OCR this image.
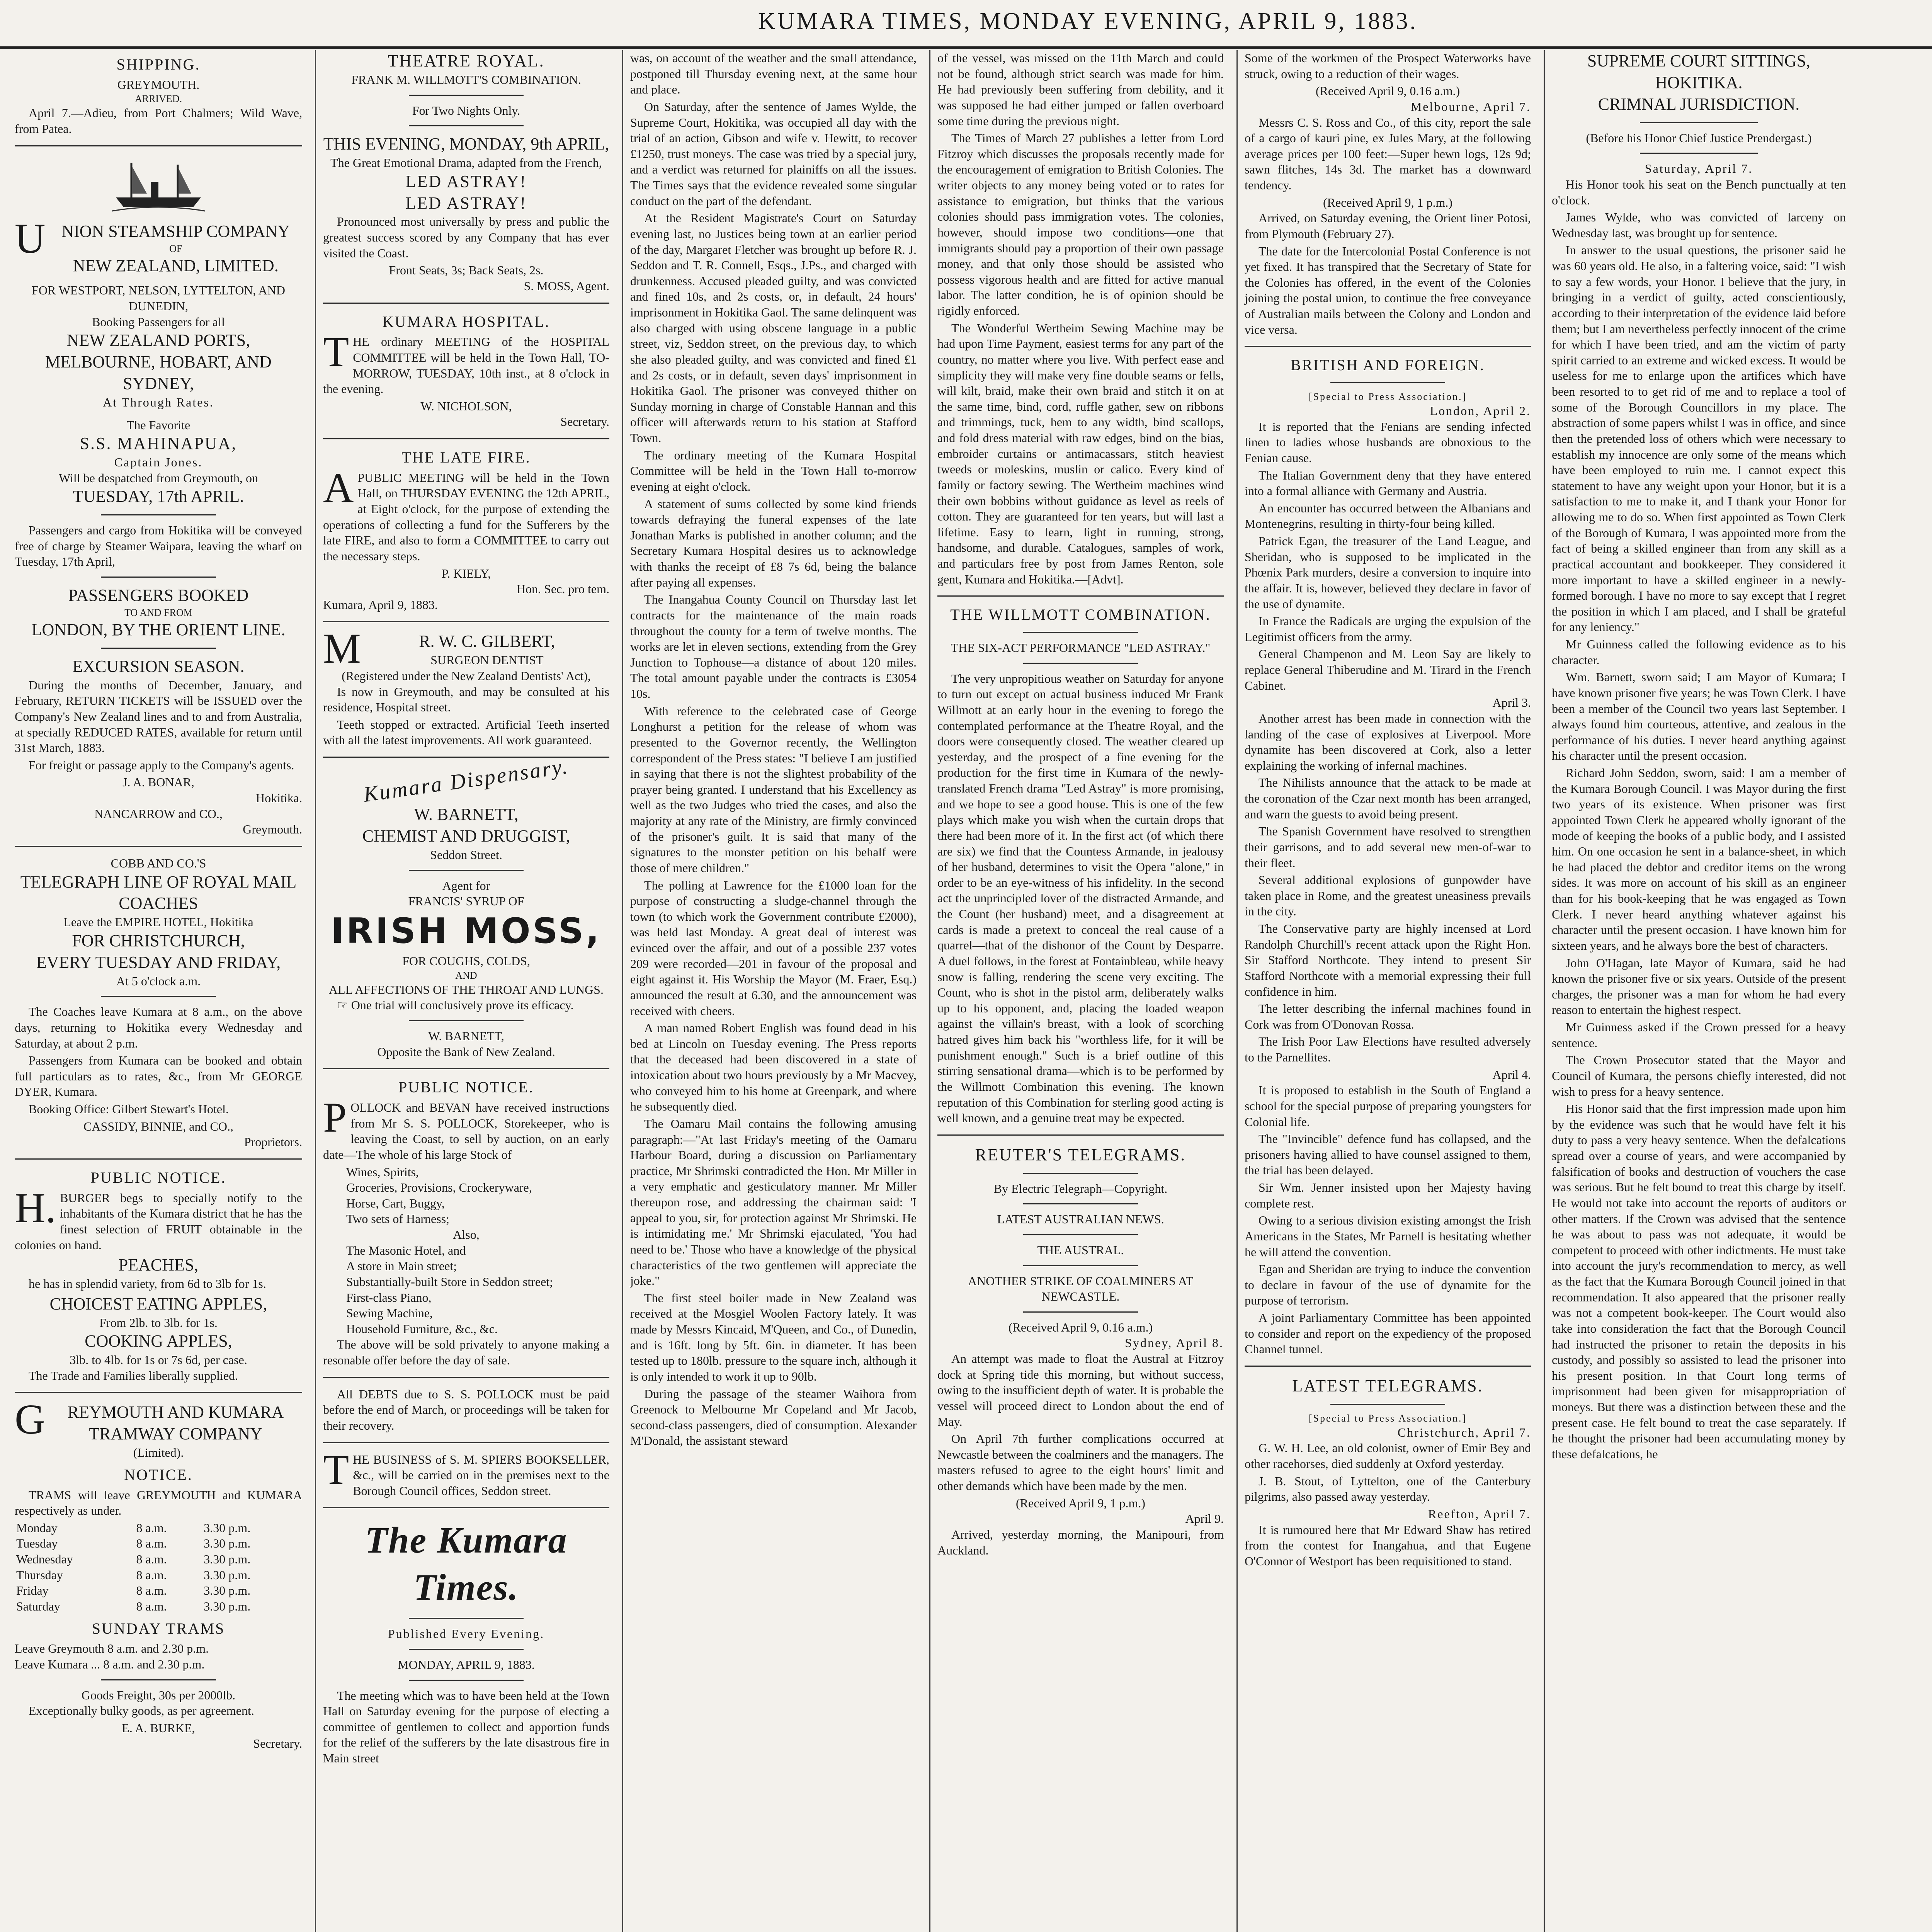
KUMARA TIMES, MONDAY EVENING, APRIL 9, 1883.
SHIPPING.
GREYMOUTH.
ARRIVED.

April 7.—Adieu, from Port Chalmers; Wild Wave, from Patea.

UNION STEAMSHIP COMPANY
OF
NEW ZEALAND, LIMITED.
FOR WESTPORT, NELSON, LYTTELTON, AND DUNEDIN,
Booking Passengers for all
NEW ZEALAND PORTS, MELBOURNE, HOBART, AND SYDNEY,
At Through Rates.
The Favorite
S.S. MAHINAPUA,
Captain Jones.
Will be despatched from Greymouth, on
TUESDAY, 17th APRIL.

Passengers and cargo from Hokitika will be conveyed free of charge by Steamer Waipara, leaving the wharf on Tuesday, 17th April,

PASSENGERS BOOKED
TO AND FROM
LONDON, BY THE ORIENT LINE.
EXCURSION SEASON.

During the months of December, January, and February, RETURN TICKETS will be ISSUED over the Company's New Zealand lines and to and from Australia, at specially REDUCED RATES, available for return until 31st March, 1883.

For freight or passage apply to the Company's agents.

J. A. BONAR,
Hokitika.
NANCARROW and CO.,
Greymouth.
COBB AND CO.'S
TELEGRAPH LINE OF ROYAL MAIL COACHES
Leave the EMPIRE HOTEL, Hokitika
FOR CHRISTCHURCH,
EVERY TUESDAY AND FRIDAY,
At 5 o'clock a.m.

The Coaches leave Kumara at 8 a.m., on the above days, returning to Hokitika every Wednesday and Saturday, at about 2 p.m.

Passengers from Kumara can be booked and obtain full particulars as to rates, &c., from Mr GEORGE DYER, Kumara.

Booking Office: Gilbert Stewart's Hotel.

CASSIDY, BINNIE, and CO.,
Proprietors.
PUBLIC NOTICE.

H.BURGER begs to specially notify to the inhabitants of the Kumara district that he has the finest selection of FRUIT obtainable in the colonies on hand.

PEACHES,

he has in splendid variety, from 6d to 3lb for 1s.

CHOICEST EATING APPLES,
From 2lb. to 3lb. for 1s.
COOKING APPLES,
3lb. to 4lb. for 1s or 7s 6d, per case.

The Trade and Families liberally supplied.

GREYMOUTH AND KUMARA TRAMWAY COMPANY
(Limited).
NOTICE.

TRAMS will leave GREYMOUTH and KUMARA respectively as under.

Monday	8 a.m.	3.30 p.m.
Tuesday	8 a.m.	3.30 p.m.
Wednesday	8 a.m.	3.30 p.m.
Thursday	8 a.m.	3.30 p.m.
Friday	8 a.m.	3.30 p.m.
Saturday	8 a.m.	3.30 p.m.
SUNDAY TRAMS
Leave Greymouth 8 a.m. and 2.30 p.m.
Leave Kumara ... 8 a.m. and 2.30 p.m.
Goods Freight, 30s per 2000lb.

Exceptionally bulky goods, as per agreement.

E. A. BURKE,
Secretary.
THEATRE ROYAL.
FRANK M. WILLMOTT'S COMBINATION.
For Two Nights Only.
THIS EVENING, MONDAY, 9th APRIL,
The Great Emotional Drama, adapted from the French,
LED ASTRAY!
LED ASTRAY!

Pronounced most universally by press and public the greatest success scored by any Company that has ever visited the Coast.

Front Seats, 3s; Back Seats, 2s.
S. MOSS, Agent.
KUMARA HOSPITAL.

THE ordinary MEETING of the HOSPITAL COMMITTEE will be held in the Town Hall, TO-MORROW, TUESDAY, 10th inst., at 8 o'clock in the evening.

W. NICHOLSON,
Secretary.
THE LATE FIRE.

APUBLIC MEETING will be held in the Town Hall, on THURSDAY EVENING the 12th APRIL, at Eight o'clock, for the purpose of extending the operations of collecting a fund for the Sufferers by the late FIRE, and also to form a COMMITTEE to carry out the necessary steps.

P. KIELY,
Hon. Sec. pro tem.
Kumara, April 9, 1883.
MR. W. C. GILBERT,
SURGEON DENTIST
(Registered under the New Zealand Dentists' Act),

Is now in Greymouth, and may be consulted at his residence, Hospital street.

Teeth stopped or extracted. Artificial Teeth inserted with all the latest improvements. All work guaranteed.

Kumara Dispensary.
W. BARNETT,
CHEMIST AND DRUGGIST,
Seddon Street.
Agent for
FRANCIS' SYRUP OF
IRISH MOSS,
FOR COUGHS, COLDS,
AND
ALL AFFECTIONS OF THE THROAT AND LUNGS.

☞ One trial will conclusively prove its efficacy.

W. BARNETT,
Opposite the Bank of New Zealand.
PUBLIC NOTICE.

POLLOCK and BEVAN have received instructions from Mr S. S. POLLOCK, Storekeeper, who is leaving the Coast, to sell by auction, on an early date—The whole of his large Stock of

Wines, Spirits,
Groceries, Provisions, Crockeryware,
Horse, Cart, Buggy,
Two sets of Harness;
Also,
The Masonic Hotel, and
A store in Main street;
Substantially-built Store in Seddon street;
First-class Piano,
Sewing Machine,
Household Furniture, &c., &c.

The above will be sold privately to anyone making a resonable offer before the day of sale.

All DEBTS due to S. S. POLLOCK must be paid before the end of March, or proceedings will be taken for their recovery.

THE BUSINESS of S. M. SPIERS BOOKSELLER, &c., will be carried on in the premises next to the Borough Council offices, Seddon street.

The Kumara Times.
Published Every Evening.
MONDAY, APRIL 9, 1883.

The meeting which was to have been held at the Town Hall on Saturday evening for the purpose of electing a committee of gentlemen to collect and apportion funds for the relief of the sufferers by the late disastrous fire in Main street

was, on account of the weather and the small attendance, postponed till Thursday evening next, at the same hour and place.

On Saturday, after the sentence of James Wylde, the Supreme Court, Hokitika, was occupied all day with the trial of an action, Gibson and wife v. Hewitt, to recover £1250, trust moneys. The case was tried by a special jury, and a verdict was returned for plainiffs on all the issues. The Times says that the evidence revealed some singular conduct on the part of the defendant.

At the Resident Magistrate's Court on Saturday evening last, no Justices being town at an earlier period of the day, Margaret Fletcher was brought up before R. J. Seddon and T. R. Connell, Esqs., J.Ps., and charged with drunkenness. Accused pleaded guilty, and was convicted and fined 10s, and 2s costs, or, in default, 24 hours' imprisonment in Hokitika Gaol. The same delinquent was also charged with using obscene language in a public street, viz, Seddon street, on the previous day, to which she also pleaded guilty, and was convicted and fined £1 and 2s costs, or in default, seven days' imprisonment in Hokitika Gaol. The prisoner was conveyed thither on Sunday morning in charge of Constable Hannan and this officer will afterwards return to his station at Stafford Town.

The ordinary meeting of the Kumara Hospital Committee will be held in the Town Hall to-morrow evening at eight o'clock.

A statement of sums collected by some kind friends towards defraying the funeral expenses of the late Jonathan Marks is published in another column; and the Secretary Kumara Hospital desires us to acknowledge with thanks the receipt of £8 7s 6d, being the balance after paying all expenses.

The Inangahua County Council on Thursday last let contracts for the maintenance of the main roads throughout the county for a term of twelve months. The works are let in eleven sections, extending from the Grey Junction to Tophouse—a distance of about 120 miles. The total amount payable under the contracts is £3054 10s.

With reference to the celebrated case of George Longhurst a petition for the release of whom was presented to the Governor recently, the Wellington correspondent of the Press states: "I believe I am justified in saying that there is not the slightest probability of the prayer being granted. I understand that his Excellency as well as the two Judges who tried the cases, and also the majority at any rate of the Ministry, are firmly convinced of the prisoner's guilt. It is said that many of the signatures to the monster petition on his behalf were those of mere children."

The polling at Lawrence for the £1000 loan for the purpose of constructing a sludge-channel through the town (to which work the Government contribute £2000), was held last Monday. A great deal of interest was evinced over the affair, and out of a possible 237 votes 209 were recorded—201 in favour of the proposal and eight against it. His Worship the Mayor (M. Fraer, Esq.) announced the result at 6.30, and the announcement was received with cheers.

A man named Robert English was found dead in his bed at Lincoln on Tuesday evening. The Press reports that the deceased had been discovered in a state of intoxication about two hours previously by a Mr Macvey, who conveyed him to his home at Greenpark, and where he subsequently died.

The Oamaru Mail contains the following amusing paragraph:—"At last Friday's meeting of the Oamaru Harbour Board, during a discussion on Parliamentary practice, Mr Shrimski contradicted the Hon. Mr Miller in a very emphatic and gesticulatory manner. Mr Miller thereupon rose, and addressing the chairman said: 'I appeal to you, sir, for protection against Mr Shrimski. He is intimidating me.' Mr Shrimski ejaculated, 'You had need to be.' Those who have a knowledge of the physical characteristics of the two gentlemen will appreciate the joke."

The first steel boiler made in New Zealand was received at the Mosgiel Woolen Factory lately. It was made by Messrs Kincaid, M'Queen, and Co., of Dunedin, and is 16ft. long by 5ft. 6in. in diameter. It has been tested up to 180lb. pressure to the square inch, although it is only intended to work it up to 90lb.

During the passage of the steamer Waihora from Greenock to Melbourne Mr Copeland and Mr Jacob, second-class passengers, died of consumption. Alexander M'Donald, the assistant steward

of the vessel, was missed on the 11th March and could not be found, although strict search was made for him. He had previously been suffering from debility, and it was supposed he had either jumped or fallen overboard some time during the previous night.

The Times of March 27 publishes a letter from Lord Fitzroy which discusses the proposals recently made for the encouragement of emigration to British Colonies. The writer objects to any money being voted or to rates for assistance to emigration, but thinks that the various colonies should pass immigration votes. The colonies, however, should impose two conditions—one that immigrants should pay a proportion of their own passage money, and that only those should be assisted who possess vigorous health and are fitted for active manual labor. The latter condition, he is of opinion should be rigidly enforced.

The Wonderful Wertheim Sewing Machine may be had upon Time Payment, easiest terms for any part of the country, no matter where you live. With perfect ease and simplicity they will make very fine double seams or fells, will kilt, braid, make their own braid and stitch it on at the same time, bind, cord, ruffle gather, sew on ribbons and trimmings, tuck, hem to any width, bind scallops, and fold dress material with raw edges, bind on the bias, embroider curtains or antimacassars, stitch heaviest tweeds or moleskins, muslin or calico. Every kind of family or factory sewing. The Wertheim machines wind their own bobbins without guidance as level as reels of cotton. They are guaranteed for ten years, but will last a lifetime. Easy to learn, light in running, strong, handsome, and durable. Catalogues, samples of work, and particulars free by post from James Renton, sole gent, Kumara and Hokitika.—[Advt].

THE WILLMOTT COMBINATION.
THE SIX-ACT PERFORMANCE "LED ASTRAY."

The very unpropitious weather on Saturday for anyone to turn out except on actual business induced Mr Frank Willmott at an early hour in the evening to forego the contemplated performance at the Theatre Royal, and the doors were consequently closed. The weather cleared up yesterday, and the prospect of a fine evening for the production for the first time in Kumara of the newly-translated French drama "Led Astray" is more promising, and we hope to see a good house. This is one of the few plays which make you wish when the curtain drops that there had been more of it. In the first act (of which there are six) we find that the Countess Armande, in jealousy of her husband, determines to visit the Opera "alone," in order to be an eye-witness of his infidelity. In the second act the unprincipled lover of the distracted Armande, and the Count (her husband) meet, and a disagreement at cards is made a pretext to conceal the real cause of a quarrel—that of the dishonor of the Count by Desparre. A duel follows, in the forest at Fontainbleau, while heavy snow is falling, rendering the scene very exciting. The Count, who is shot in the pistol arm, deliberately walks up to his opponent, and, placing the loaded weapon against the villain's breast, with a look of scorching hatred gives him back his "worthless life, for it will be punishment enough." Such is a brief outline of this stirring sensational drama—which is to be performed by the Willmott Combination this evening. The known reputation of this Combination for sterling good acting is well known, and a genuine treat may be expected.

REUTER'S TELEGRAMS.
By Electric Telegraph—Copyright.
LATEST AUSTRALIAN NEWS.
THE AUSTRAL.
ANOTHER STRIKE OF COALMINERS AT NEWCASTLE.
(Received April 9, 0.16 a.m.)
Sydney, April 8.

An attempt was made to float the Austral at Fitzroy dock at Spring tide this morning, but without success, owing to the insufficient depth of water. It is probable the vessel will proceed direct to London about the end of May.

On April 7th further complications occurred at Newcastle between the coalminers and the managers. The masters refused to agree to the eight hours' limit and other demands which have been made by the men.

(Received April 9, 1 p.m.)
April 9.

Arrived, yesterday morning, the Manipouri, from Auckland.

Some of the workmen of the Prospect Waterworks have struck, owing to a reduction of their wages.

(Received April 9, 0.16 a.m.)
Melbourne, April 7.

Messrs C. S. Ross and Co., of this city, report the sale of a cargo of kauri pine, ex Jules Mary, at the following average prices per 100 feet:—Super hewn logs, 12s 9d; sawn flitches, 14s 3d. The market has a downward tendency.

(Received April 9, 1 p.m.)

Arrived, on Saturday evening, the Orient liner Potosi, from Plymouth (February 27).

The date for the Intercolonial Postal Conference is not yet fixed. It has transpired that the Secretary of State for the Colonies has offered, in the event of the Colonies joining the postal union, to continue the free conveyance of Australian mails between the Colony and London and vice versa.

BRITISH AND FOREIGN.
[Special to Press Association.]
London, April 2.

It is reported that the Fenians are sending infected linen to ladies whose husbands are obnoxious to the Fenian cause.

The Italian Government deny that they have entered into a formal alliance with Germany and Austria.

An encounter has occurred between the Albanians and Montenegrins, resulting in thirty-four being killed.

Patrick Egan, the treasurer of the Land League, and Sheridan, who is supposed to be implicated in the Phœnix Park murders, desire a conversion to inquire into the affair. It is, however, believed they declare in favor of the use of dynamite.

In France the Radicals are urging the expulsion of the Legitimist officers from the army.

General Champenon and M. Leon Say are likely to replace General Thiberudine and M. Tirard in the French Cabinet.

April 3.

Another arrest has been made in connection with the landing of the case of explosives at Liverpool. More dynamite has been discovered at Cork, also a letter explaining the working of infernal machines.

The Nihilists announce that the attack to be made at the coronation of the Czar next month has been arranged, and warn the guests to avoid being present.

The Spanish Government have resolved to strengthen their garrisons, and to add several new men-of-war to their fleet.

Several additional explosions of gunpowder have taken place in Rome, and the greatest uneasiness prevails in the city.

The Conservative party are highly incensed at Lord Randolph Churchill's recent attack upon the Right Hon. Sir Stafford Northcote. They intend to present Sir Stafford Northcote with a memorial expressing their full confidence in him.

The letter describing the infernal machines found in Cork was from O'Donovan Rossa.

The Irish Poor Law Elections have resulted adversely to the Parnellites.

April 4.

It is proposed to establish in the South of England a school for the special purpose of preparing youngsters for Colonial life.

The "Invincible" defence fund has collapsed, and the prisoners having allied to have counsel assigned to them, the trial has been delayed.

Sir Wm. Jenner insisted upon her Majesty having complete rest.

Owing to a serious division existing amongst the Irish Americans in the States, Mr Parnell is hesitating whether he will attend the convention.

Egan and Sheridan are trying to induce the convention to declare in favour of the use of dynamite for the purpose of terrorism.

A joint Parliamentary Committee has been appointed to consider and report on the expediency of the proposed Channel tunnel.

LATEST TELEGRAMS.
[Special to Press Association.]
Christchurch, April 7.

G. W. H. Lee, an old colonist, owner of Emir Bey and other racehorses, died suddenly at Oxford yesterday.

J. B. Stout, of Lyttelton, one of the Canterbury pilgrims, also passed away yesterday.

Reefton, April 7.

It is rumoured here that Mr Edward Shaw has retired from the contest for Inangahua, and that Eugene O'Connor of Westport has been requisitioned to stand.

SUPREME COURT SITTINGS, HOKITIKA.
CRIMNAL JURISDICTION.
(Before his Honor Chief Justice Prendergast.)
Saturday, April 7.

His Honor took his seat on the Bench punctually at ten o'clock.

James Wylde, who was convicted of larceny on Wednesday last, was brought up for sentence.

In answer to the usual questions, the prisoner said he was 60 years old. He also, in a faltering voice, said: "I wish to say a few words, your Honor. I believe that the jury, in bringing in a verdict of guilty, acted conscientiously, according to their interpretation of the evidence laid before them; but I am nevertheless perfectly innocent of the crime for which I have been tried, and am the victim of party spirit carried to an extreme and wicked excess. It would be useless for me to enlarge upon the artifices which have been resorted to to get rid of me and to replace a tool of some of the Borough Councillors in my place. The abstraction of some papers whilst I was in office, and since then the pretended loss of others which were necessary to establish my innocence are only some of the means which have been employed to ruin me. I cannot expect this statement to have any weight upon your Honor, but it is a satisfaction to me to make it, and I thank your Honor for allowing me to do so. When first appointed as Town Clerk of the Borough of Kumara, I was appointed more from the fact of being a skilled engineer than from any skill as a practical accountant and bookkeeper. They considered it more important to have a skilled engineer in a newly-formed borough. I have no more to say except that I regret the position in which I am placed, and I shall be grateful for any leniency."

Mr Guinness called the following evidence as to his character.

Wm. Barnett, sworn said; I am Mayor of Kumara; I have known prisoner five years; he was Town Clerk. I have been a member of the Council two years last September. I always found him courteous, attentive, and zealous in the performance of his duties. I never heard anything against his character until the present occasion.

Richard John Seddon, sworn, said: I am a member of the Kumara Borough Council. I was Mayor during the first two years of its existence. When prisoner was first appointed Town Clerk he appeared wholly ignorant of the mode of keeping the books of a public body, and I assisted him. On one occasion he sent in a balance-sheet, in which he had placed the debtor and creditor items on the wrong sides. It was more on account of his skill as an engineer than for his book-keeping that he was engaged as Town Clerk. I never heard anything whatever against his character until the present occasion. I have known him for sixteen years, and he always bore the best of characters.

John O'Hagan, late Mayor of Kumara, said he had known the prisoner five or six years. Outside of the present charges, the prisoner was a man for whom he had every reason to entertain the highest respect.

Mr Guinness asked if the Crown pressed for a heavy sentence.

The Crown Prosecutor stated that the Mayor and Council of Kumara, the persons chiefly interested, did not wish to press for a heavy sentence.

His Honor said that the first impression made upon him by the evidence was such that he would have felt it his duty to pass a very heavy sentence. When the defalcations spread over a course of years, and were accompanied by falsification of books and destruction of vouchers the case was serious. But he felt bound to treat this charge by itself. He would not take into account the reports of auditors or other matters. If the Crown was advised that the sentence he was about to pass was not adequate, it would be competent to proceed with other indictments. He must take into account the jury's recommendation to mercy, as well as the fact that the Kumara Borough Council joined in that recommendation. It also appeared that the prisoner really was not a competent book-keeper. The Court would also take into consideration the fact that the Borough Council had instructed the prisoner to retain the deposits in his custody, and possibly so assisted to lead the prisoner into his present position. In that Court long terms of imprisonment had been given for misappropriation of moneys. But there was a distinction between these and the present case. He felt bound to treat the case separately. If he thought the prisoner had been accumulating money by these defalcations, he
